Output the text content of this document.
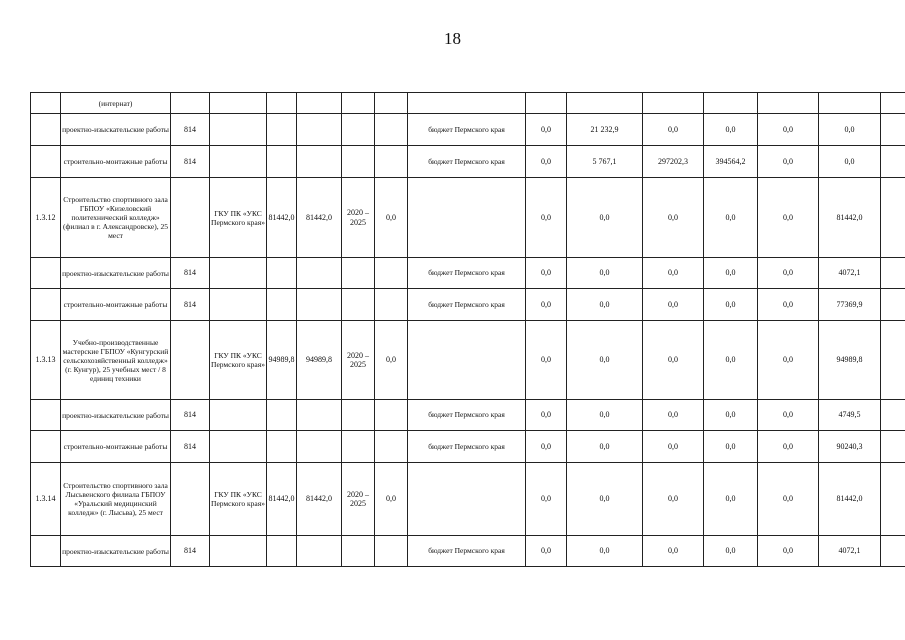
18
	(интернат)														
	проектно-изыскательские работы	814						бюджет Пермского края	0,0	21 232,9	0,0	0,0	0,0	0,0	
	строительно-монтажные работы	814						бюджет Пермского края	0,0	5 767,1	297202,3	394564,2	0,0	0,0	
1.3.12	Строительство спортивного зала ГБПОУ «Кизеловский политехнический колледж» (филиал в г. Александровске), 25 мест		ГКУ ПК «УКС Пермского края»	81442,0	81442,0	2020 – 2025	0,0		0,0	0,0	0,0	0,0	0,0	81442,0	
	проектно-изыскательские работы	814						бюджет Пермского края	0,0	0,0	0,0	0,0	0,0	4072,1	
	строительно-монтажные работы	814						бюджет Пермского края	0,0	0,0	0,0	0,0	0,0	77369,9	
1.3.13	Учебно-производственные мастерские ГБПОУ «Кунгурский сельскохозяйственный колледж» (г. Кунгур), 25 учебных мест / 8 единиц техники		ГКУ ПК «УКС Пермского края»	94989,8	94989,8	2020 – 2025	0,0		0,0	0,0	0,0	0,0	0,0	94989,8	
	проектно-изыскательские работы	814						бюджет Пермского края	0,0	0,0	0,0	0,0	0,0	4749,5	
	строительно-монтажные работы	814						бюджет Пермского края	0,0	0,0	0,0	0,0	0,0	90240,3	
1.3.14	Строительство спортивного зала Лысьвенского филиала ГБПОУ «Уральский медицинский колледж» (г. Лысьва), 25 мест		ГКУ ПК «УКС Пермского края»	81442,0	81442,0	2020 – 2025	0,0		0,0	0,0	0,0	0,0	0,0	81442,0	
	проектно-изыскательские работы	814						бюджет Пермского края	0,0	0,0	0,0	0,0	0,0	4072,1	
